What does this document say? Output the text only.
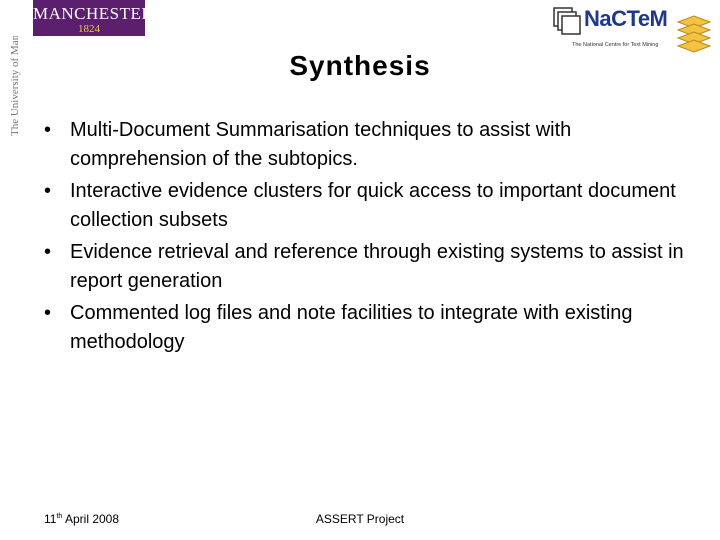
MANCHESTER
1824
The University of Manchester	NaCTeM
The National Centre for Text Mining
Synthesis
• Multi-Document Summarisation techniques to assist with comprehension of the subtopics.
• Interactive evidence clusters for quick access to important document collection subsets
• Evidence retrieval and reference through existing systems to assist in report generation
• Commented log files and note facilities to integrate with existing methodology
11th April 2008	ASSERT Project
